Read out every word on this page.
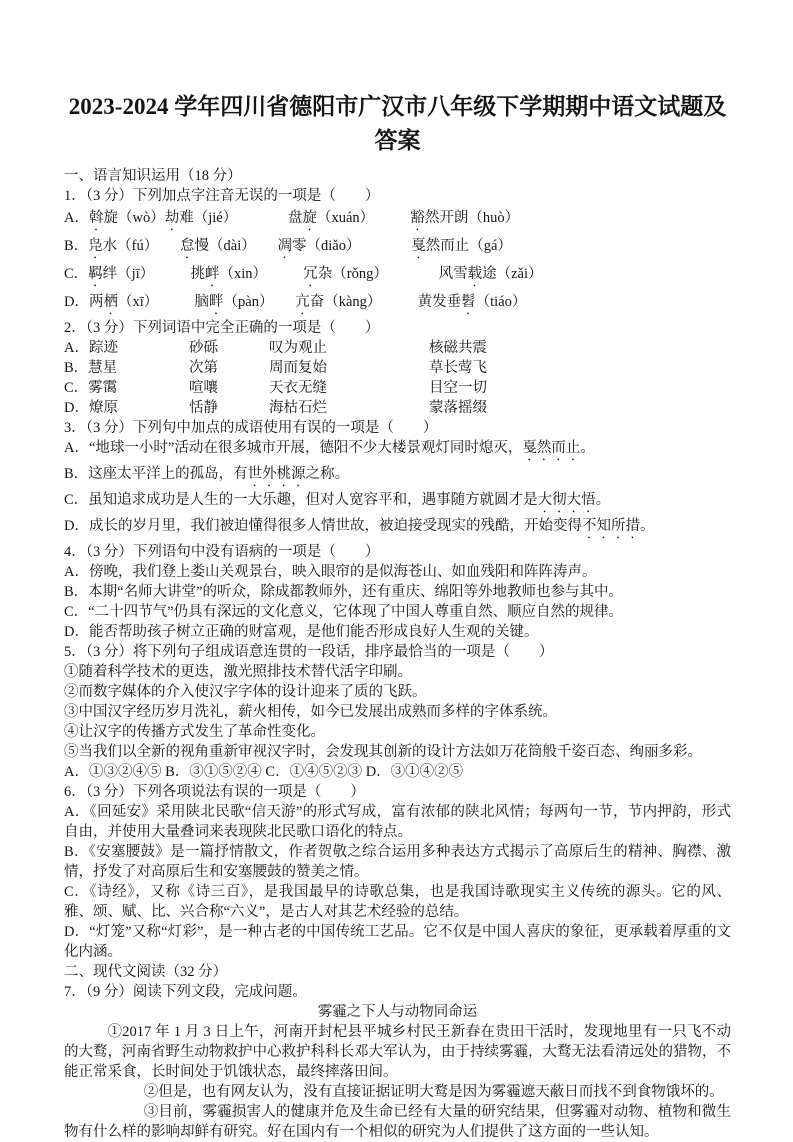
2023-2024 学年四川省德阳市广汉市八年级下学期期中语文试题及答案

一、语言知识运用（18 分）

1．（3 分）下列加点字注音无误的一项是（　　）

A．斡旋（wò）劫难（jié）　　　　	盘旋（xuán）　　　	豁然开朗（huò）

B．凫水（fú）　　 怠慢（dài）　　 凋零（diǎo）　　　　	戛然而止（gá）

C．羁绊（jī）　　　	挑衅（xin）　　　	冗杂（rǒng）　　　　	风雪载途（zǎi）

D．两栖（xī）　　　	脑畔（pàn）　　 亢奋（kàng）　　　	黄发垂髫（tiáo）

2．（3 分）下列词语中完全正确的一项是（　　）

A．踪迹	砂砾	叹为观止	核磁共震

B．慧星	次第	周而复始	草长莺飞

C．雾霭	喧嚷	天衣无缝	目空一切

D．燎原	恬静	海枯石烂	蒙落摇缀

3．（3 分）下列句中加点的成语使用有误的一项是（　　）

A．“地球一小时”活动在很多城市开展，德阳不少大楼景观灯同时熄灭，戛然而止。

B．这座太平洋上的孤岛，有世外桃源之称。

C．虽知追求成功是人生的一大乐趣，但对人宽容平和，遇事随方就圆才是大彻大悟。

D．成长的岁月里，我们被迫懂得很多人情世故，被迫接受现实的残酷，开始变得不知所措。

4．（3 分）下列语句中没有语病的一项是（　　）

A．傍晚，我们登上娄山关观景台，映入眼帘的是似海苍山、如血残阳和阵阵涛声。

B．本期“名师大讲堂”的听众，除成都教师外，还有重庆、绵阳等外地教师也参与其中。

C．“二十四节气”仍具有深远的文化意义，它体现了中国人尊重自然、顺应自然的规律。

D．能否帮助孩子树立正确的财富观，是他们能否形成良好人生观的关键。

5．（3 分）将下列句子组成语意连贯的一段话，排序最恰当的一项是（　　）

①随着科学技术的更迭，激光照排技术替代活字印刷。

②而数字媒体的介入使汉字字体的设计迎来了质的飞跃。

③中国汉字经历岁月洗礼，薪火相传，如今已发展出成熟而多样的字体系统。

④让汉字的传播方式发生了革命性变化。

⑤当我们以全新的视角重新审视汉字时，会发现其创新的设计方法如万花筒般千姿百态、绚丽多彩。

A．①③②④⑤ B．③①⑤②④ C．①④⑤②③ D．③①④②⑤

6．（3 分）下列各项说法有误的一项是（　　）

A．《回延安》采用陕北民歌“信天游”的形式写成，富有浓郁的陕北风情；每两句一节，节内押韵，形式自由，并使用大量叠词来表现陕北民歌口语化的特点。

B．《安塞腰鼓》是一篇抒情散文，作者贺敬之综合运用多种表达方式揭示了高原后生的精神、胸襟、激情，抒发了对高原后生和安塞腰鼓的赞美之情。

C．《诗经》，又称《诗三百》，是我国最早的诗歌总集，也是我国诗歌现实主义传统的源头。它的风、雅、颂、赋、比、兴合称“六义”，是古人对其艺术经验的总结。

D．“灯笼”又称“灯彩”，是一种古老的中国传统工艺品。它不仅是中国人喜庆的象征，更承载着厚重的文化内涵。

二、现代文阅读（32 分）

7．（9 分）阅读下列文段，完成问题。

雾霾之下人与动物同命运

①2017 年 1 月 3 日上午，河南开封杞县平城乡村民王新春在贵田干活时，发现地里有一只飞不动的大鹜，河南省野生动物救护中心救护科科长邓大军认为，由于持续雾霾，大鹜无法看清远处的猎物，不能正常采食，长时间处于饥饿状态，最终摔落田间。

②但是，也有网友认为，没有直接证据证明大鹜是因为雾霾遮天蔽日而找不到食物饿坏的。

③目前，雾霾损害人的健康并危及生命已经有大量的研究结果，但雾霾对动物、植物和微生物有什么样的影响却鲜有研究。好在国内有一个相似的研究为人们提供了这方面的一些认知。
